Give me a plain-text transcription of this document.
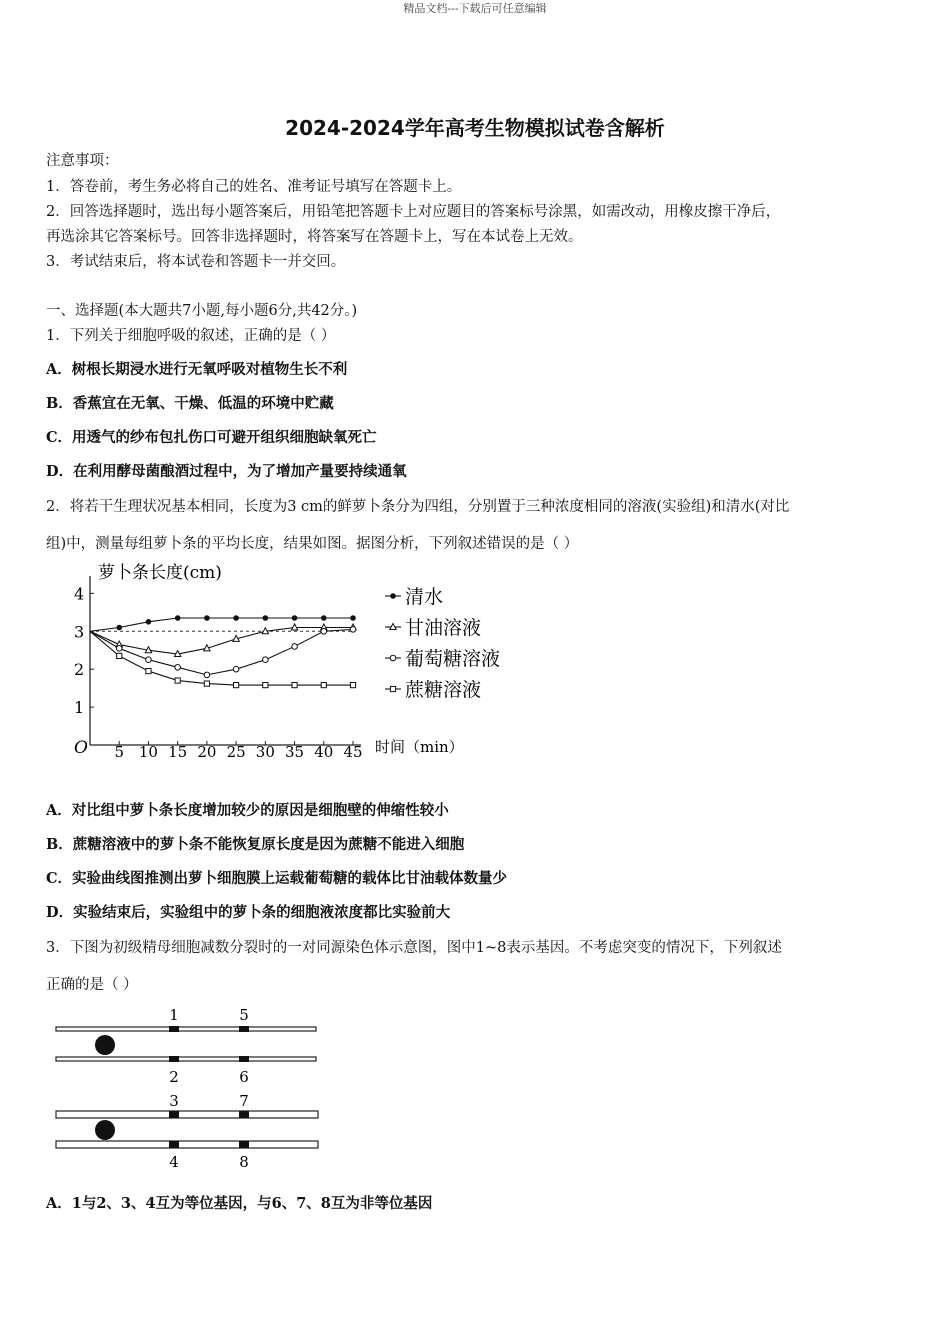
精品文档---下载后可任意编辑
2024-2024学年高考生物模拟试卷含解析
注意事项：
1．答卷前，考生务必将自己的姓名、准考证号填写在答题卡上。
2．回答选择题时，选出每小题答案后，用铅笔把答题卡上对应题目的答案标号涂黑，如需改动，用橡皮擦干净后，
再选涂其它答案标号。回答非选择题时，将答案写在答题卡上，写在本试卷上无效。
3．考试结束后，将本试卷和答题卡一并交回。
一、选择题(本大题共7小题,每小题6分,共42分。)
1．下列关于细胞呼吸的叙述，正确的是（ ）
A．树根长期浸水进行无氧呼吸对植物生长不利
B．香蕉宜在无氧、干燥、低温的环境中贮藏
C．用透气的纱布包扎伤口可避开组织细胞缺氧死亡
D．在利用酵母菌酿酒过程中，为了增加产量要持续通氧
2．将若干生理状况基本相同，长度为3 cm的鲜萝卜条分为四组，分别置于三种浓度相同的溶液(实验组)和清水(对比
组)中，测量每组萝卜条的平均长度，结果如图。据图分析，下列叙述错误的是（ ）
萝卜条长度(cm)
时间（min）
O
1
2
3
4
5 10 15 20 25 30 35 40 45
清水
甘油溶液
葡萄糖溶液
蔗糖溶液
A．对比组中萝卜条长度增加较少的原因是细胞壁的伸缩性较小
B．蔗糖溶液中的萝卜条不能恢复原长度是因为蔗糖不能进入细胞
C．实验曲线图推测出萝卜细胞膜上运载葡萄糖的载体比甘油载体数量少
D．实验结束后，实验组中的萝卜条的细胞液浓度都比实验前大
3．下图为初级精母细胞减数分裂时的一对同源染色体示意图，图中1~8表示基因。不考虑突变的情况下，下列叙述
正确的是（ ）
1	5
2	6
3	7
4	8
A．1与2、3、4互为等位基因，与6、7、8互为非等位基因
